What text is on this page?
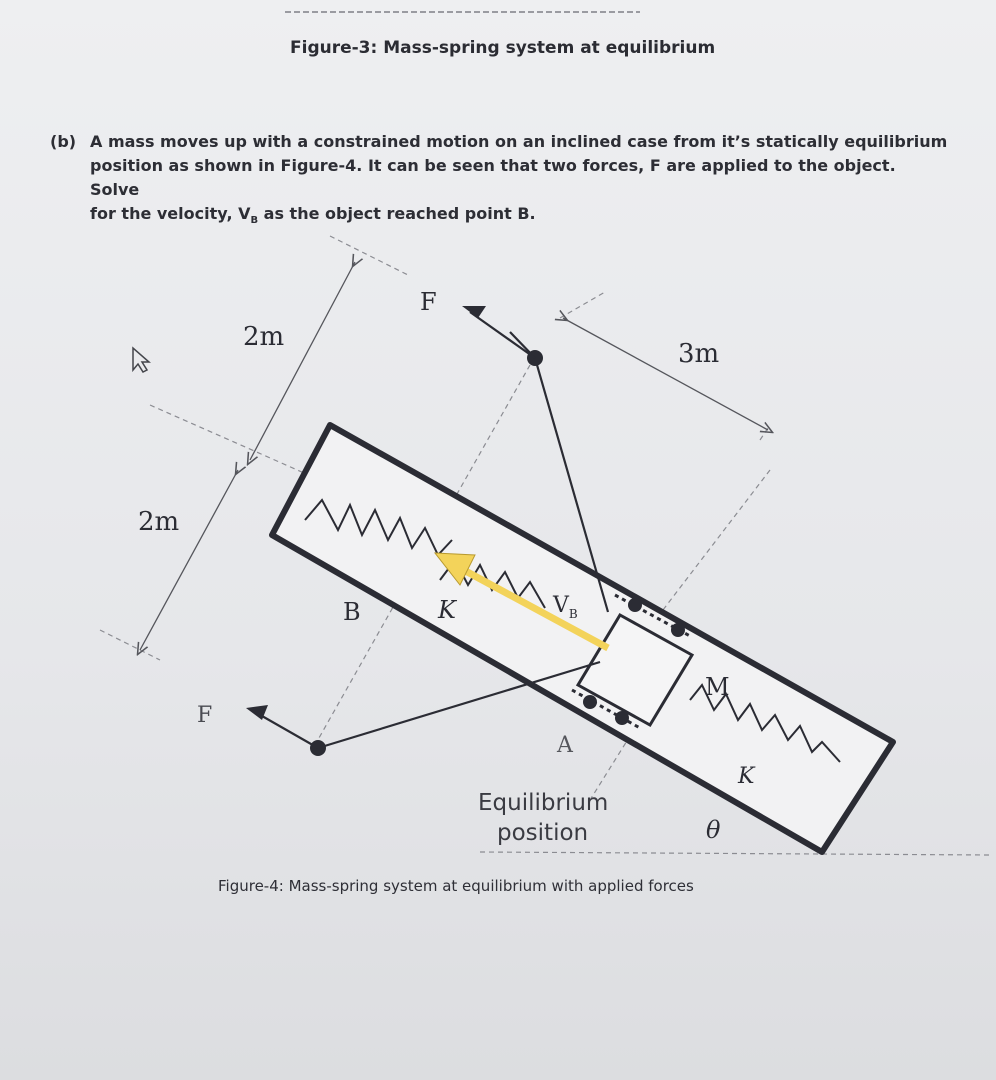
Figure-3: Mass-spring system at equilibrium
(b) A mass moves up with a constrained motion on an inclined case from it’s statically equilibrium
position as shown in Figure-4. It can be seen that two forces, F are applied to the object. Solve
for the velocity, $V_B$ as the object reached point B.
2m
2m
3m
F
F
B	K	$V_B$
M
A
K
Equilibrium
position	θ
Figure-4: Mass-spring system at equilibrium with applied forces
